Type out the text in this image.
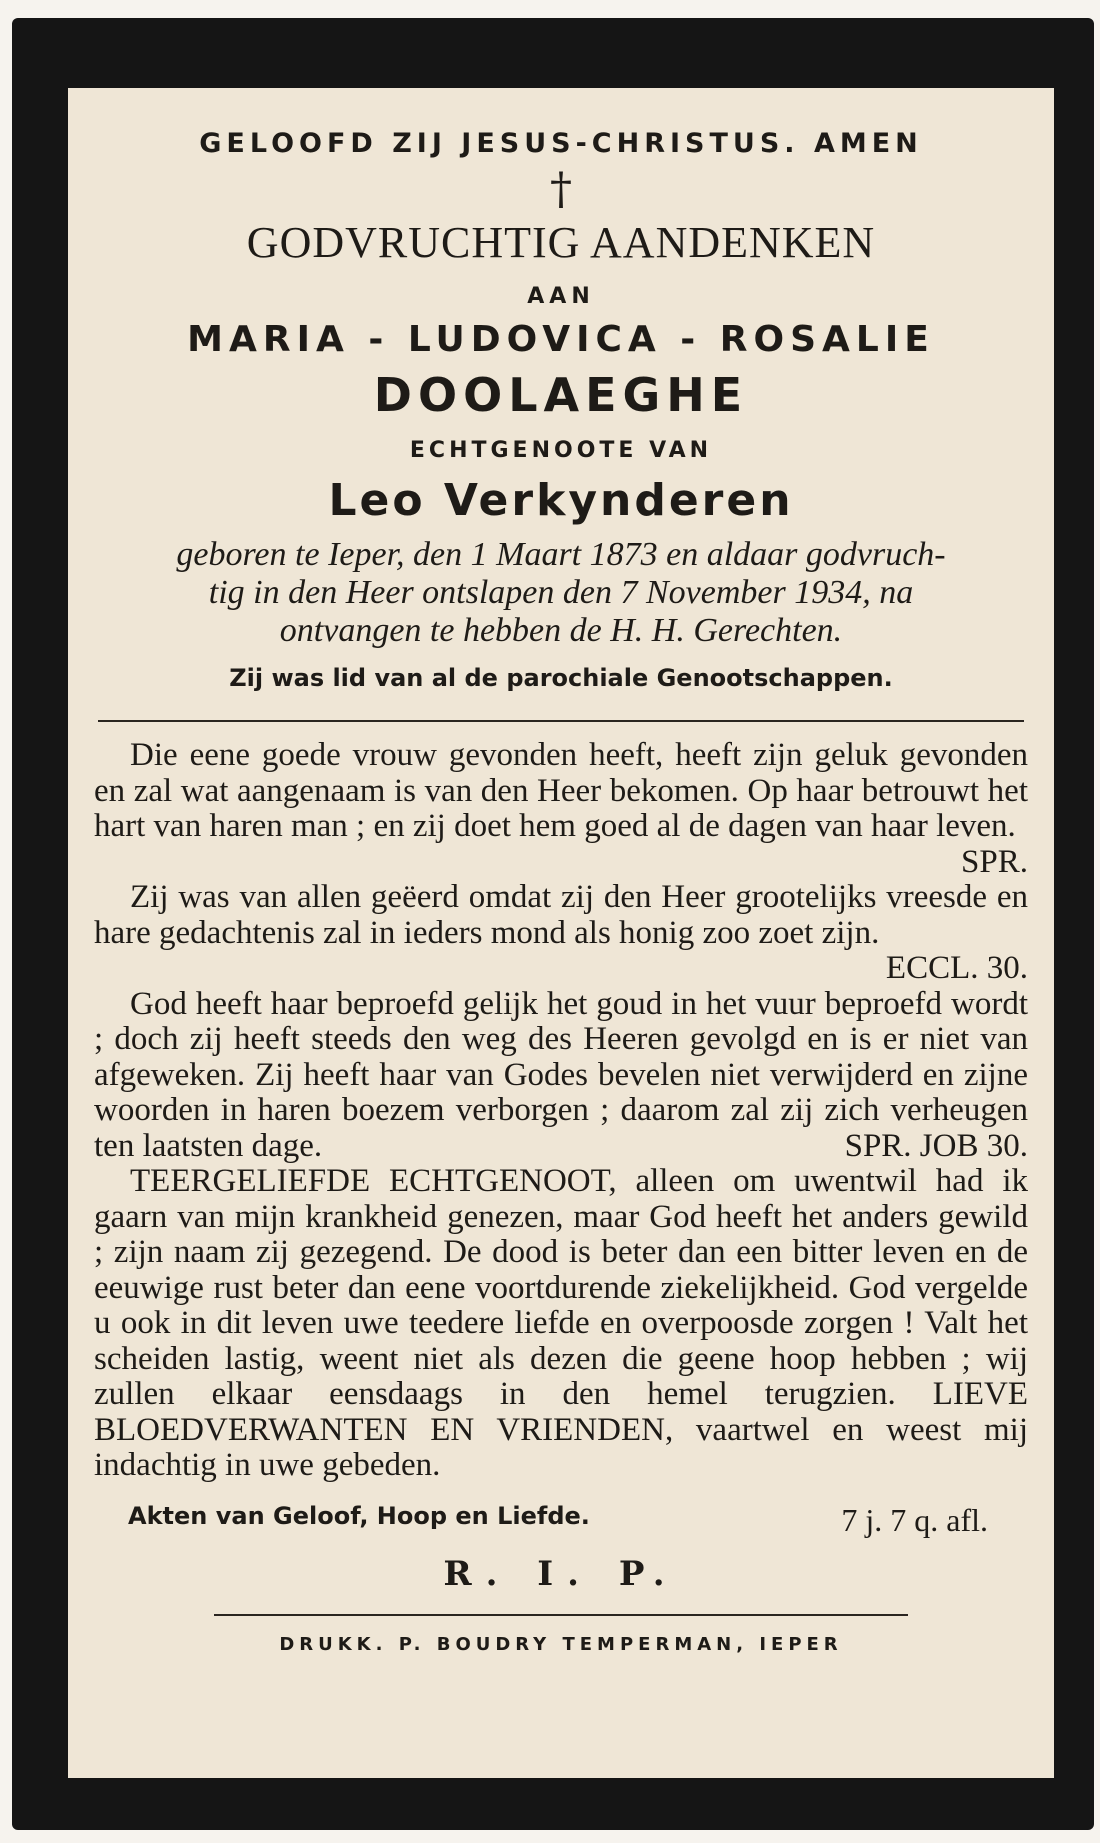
GELOOFD ZIJ JESUS-CHRISTUS. AMEN
†
GODVRUCHTIG AANDENKEN
AAN
MARIA - LUDOVICA - ROSALIE
DOOLAEGHE
ECHTGENOOTE VAN
Leo Verkynderen
geboren te Ieper, den 1 Maart 1873 en aldaar godvruch-
tig in den Heer ontslapen den 7 November 1934, na
ontvangen te hebben de H. H. Gerechten.
Zij was lid van al de parochiale Genootschappen.

Die eene goede vrouw gevonden heeft, heeft zijn geluk gevonden en zal wat aangenaam is van den Heer bekomen. Op haar betrouwt het hart van haren man ; en zij doet hem goed al de dagen van haar leven.
SPR.

Zij was van allen geëerd omdat zij den Heer grootelijks vreesde en hare gedachtenis zal in ieders mond als honig zoo zoet zijn.
ECCL. 30.

God heeft haar beproefd gelijk het goud in het vuur beproefd wordt ; doch zij heeft steeds den weg des Heeren gevolgd en is er niet van afgeweken. Zij heeft haar van Godes bevelen niet verwijderd en zijne woorden in haren boezem verborgen ; daarom zal zij zich verheugen ten laatsten dage.	SPR. JOB 30.

TEERGELIEFDE ECHTGENOOT, alleen om uwentwil had ik gaarn van mijn krankheid genezen, maar God heeft het anders gewild ; zijn naam zij gezegend. De dood is beter dan een bitter leven en de eeuwige rust beter dan eene voortdurende ziekelijkheid. God vergelde u ook in dit leven uwe teedere liefde en overpoosde zorgen ! Valt het scheiden lastig, weent niet als dezen die geene hoop hebben ; wij zullen elkaar eensdaags in den hemel terugzien. LIEVE BLOEDVERWANTEN EN VRIENDEN, vaartwel en weest mij indachtig in uwe gebeden.

Akten van Geloof, Hoop en Liefde.	7 j. 7 q. afl.
R. I. P.
DRUKK. P. BOUDRY TEMPERMAN, IEPER
